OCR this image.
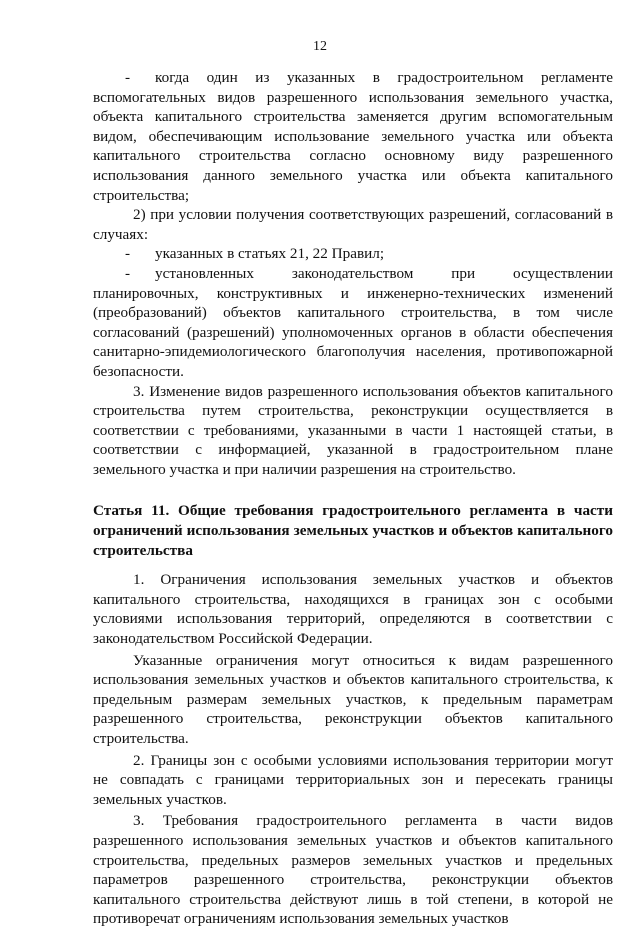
12

- когда один из указанных в градостроительном регламенте вспомогательных видов разрешенного использования земельного участка, объекта капитального строительства заменяется другим вспомогательным видом, обеспечивающим использование земельного участка или объекта капитального строительства согласно основному виду разрешенного использования данного земельного участка или объекта капитального строительства;

2) при условии получения соответствующих разрешений, согласований в случаях:

- указанных в статьях 21, 22 Правил;

- установленных законодательством при осуществлении планировочных, конструктивных и инженерно-технических изменений (преобразований) объектов капитального строительства, в том числе согласований (разрешений) уполномоченных органов в области обеспечения санитарно-эпидемиологического благополучия населения, противопожарной безопасности.

3. Изменение видов разрешенного использования объектов капитального строительства путем строительства, реконструкции осуществляется в соответствии с требованиями, указанными в части 1 настоящей статьи, в соответствии с информацией, указанной в градостроительном плане земельного участка и при наличии разрешения на строительство.

Статья 11. Общие требования градостроительного регламента в части ограничений использования земельных участков и объектов капитального строительства

1. Ограничения использования земельных участков и объектов капитального строительства, находящихся в границах зон с особыми условиями использования территорий, определяются в соответствии с законодательством Российской Федерации.

Указанные ограничения могут относиться к видам разрешенного использования земельных участков и объектов капитального строительства, к предельным размерам земельных участков, к предельным параметрам разрешенного строительства, реконструкции объектов капитального строительства.

2. Границы зон с особыми условиями использования территории могут не совпадать с границами территориальных зон и пересекать границы земельных участков.

3. Требования градостроительного регламента в части видов разрешенного использования земельных участков и объектов капитального строительства, предельных размеров земельных участков и предельных параметров разрешенного строительства, реконструкции объектов капитального строительства действуют лишь в той степени, в которой не противоречат ограничениям использования земельных участков
